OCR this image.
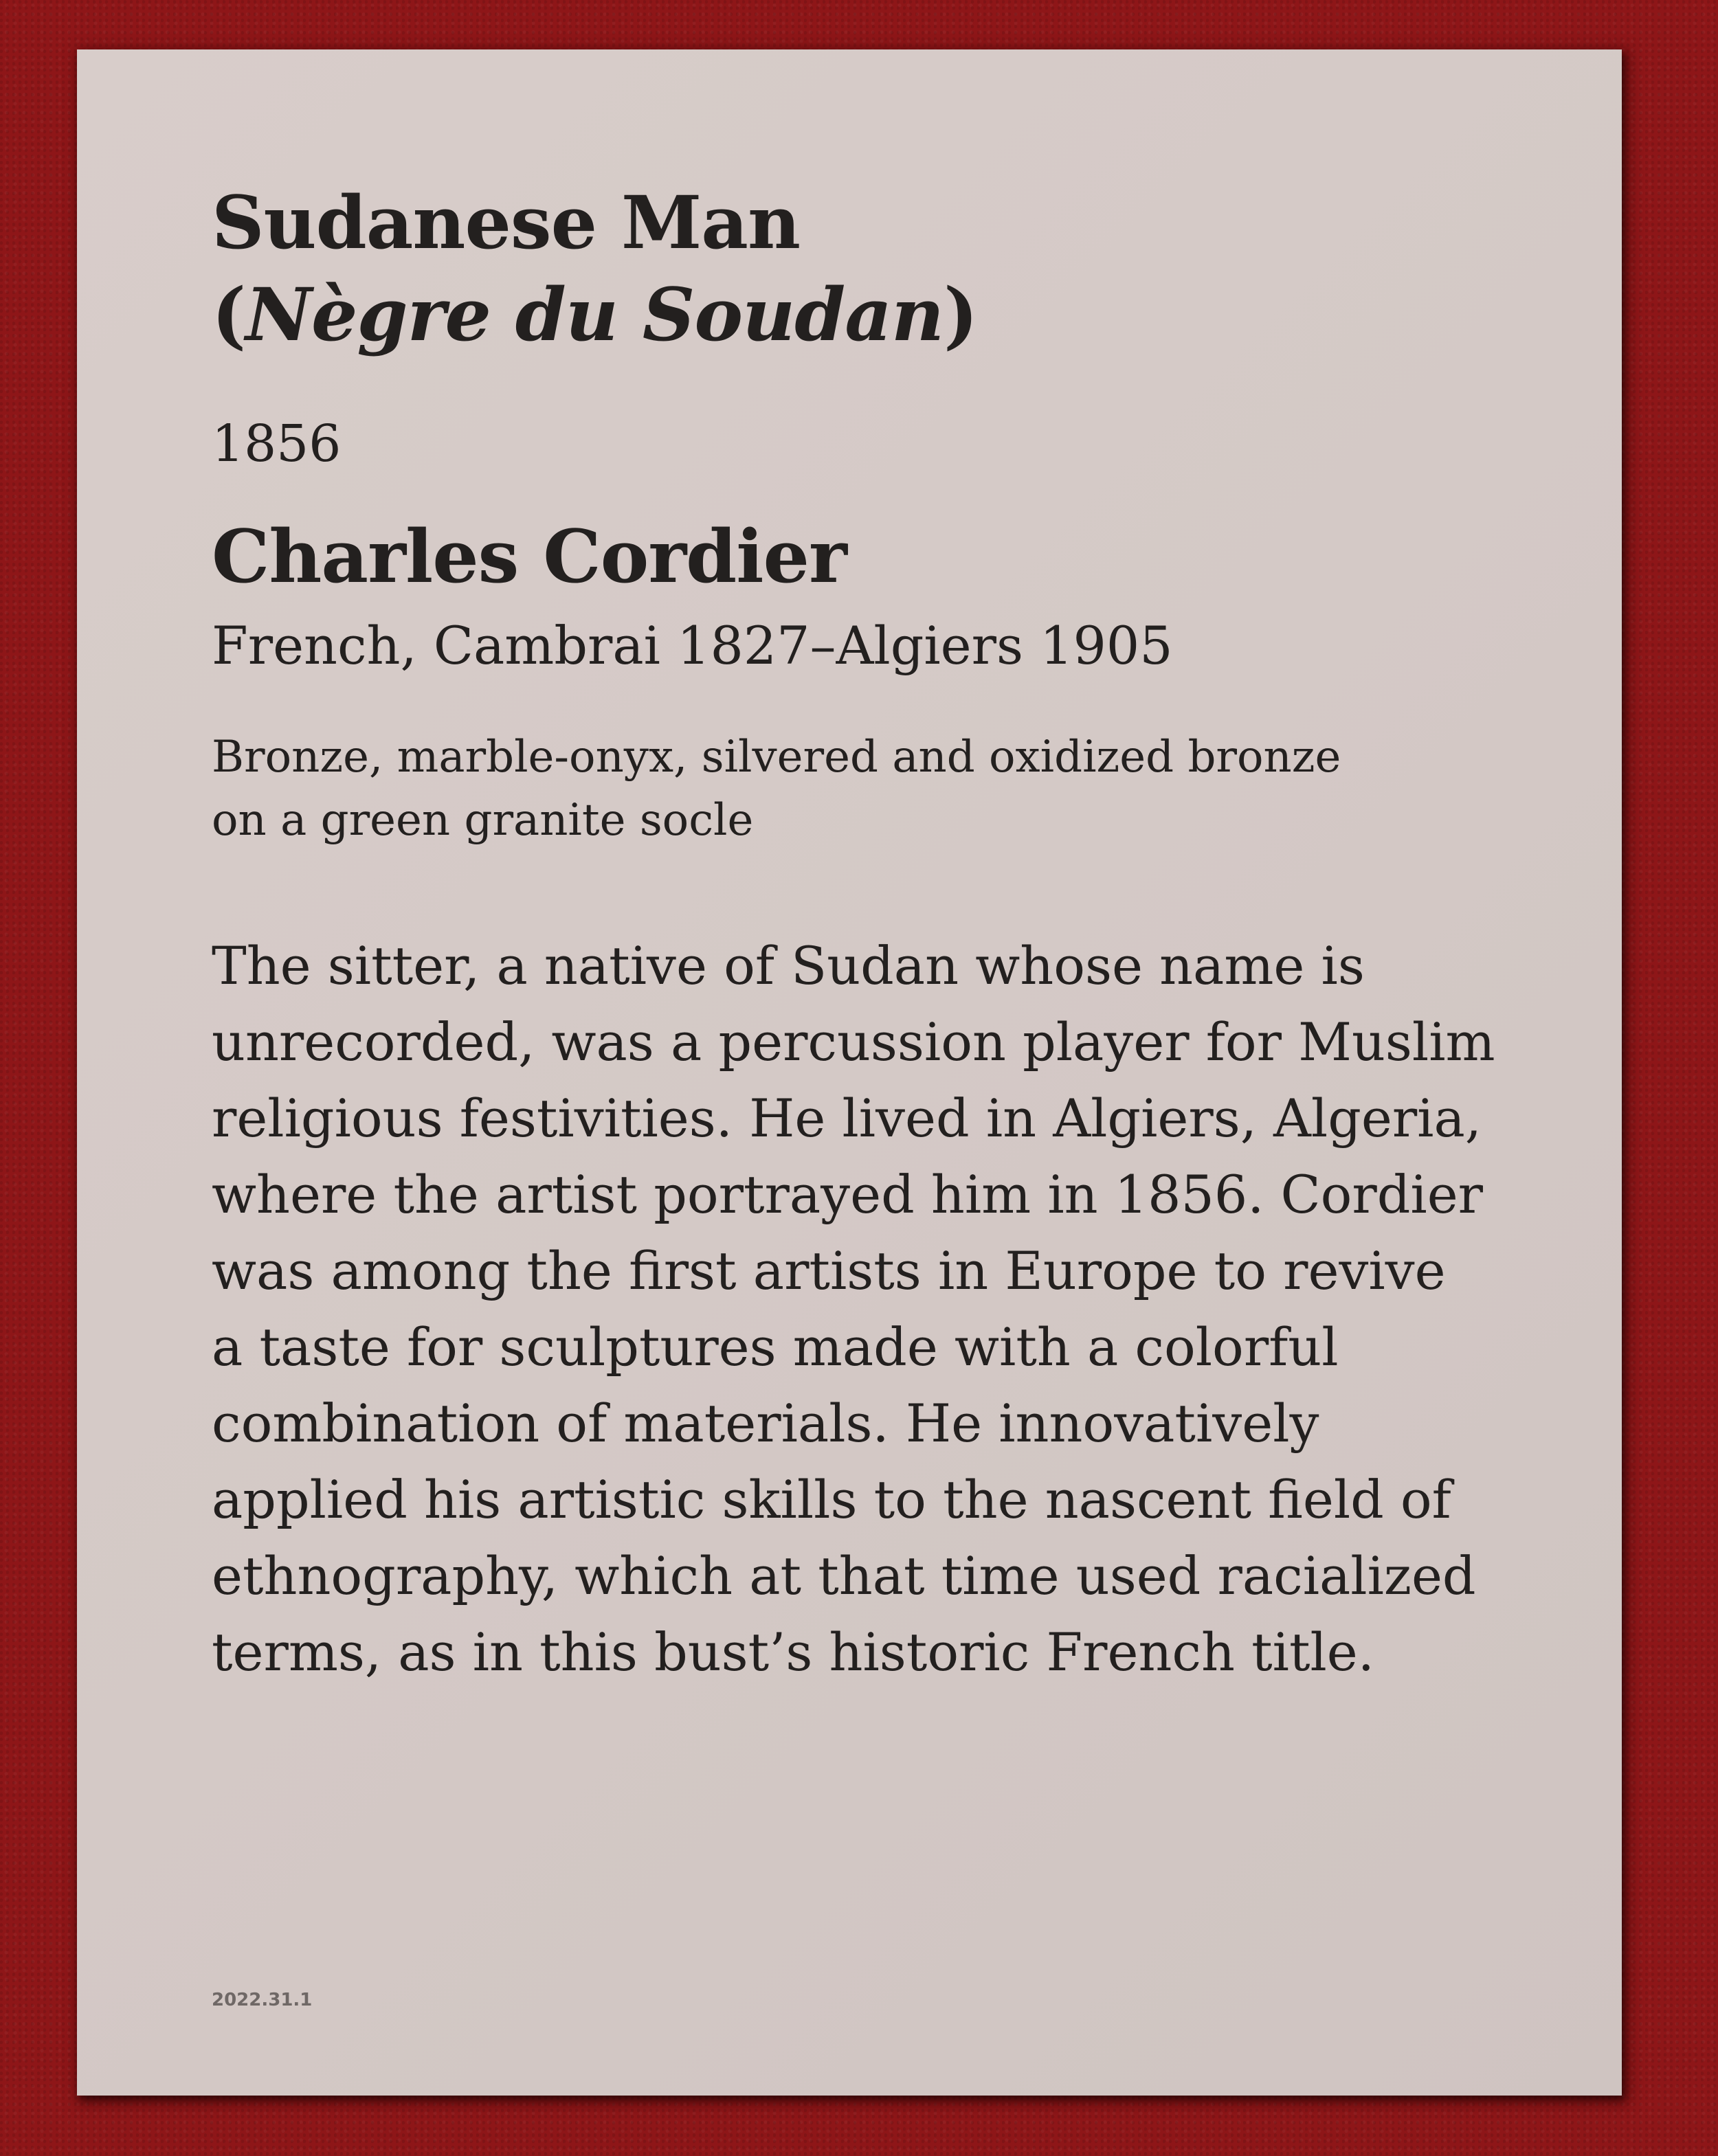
Sudanese Man
(Nègre du Soudan)
1856
Charles Cordier
French, Cambrai 1827–Algiers 1905
Bronze, marble-onyx, silvered and oxidized bronze
on a green granite socle

The sitter, a native of Sudan whose name is
unrecorded, was a percussion player for Muslim
religious festivities. He lived in Algiers, Algeria,
where the artist portrayed him in 1856. Cordier
was among the first artists in Europe to revive
a taste for sculptures made with a colorful
combination of materials. He innovatively
applied his artistic skills to the nascent field of
ethnography, which at that time used racialized
terms, as in this bust’s historic French title.

2022.31.1
